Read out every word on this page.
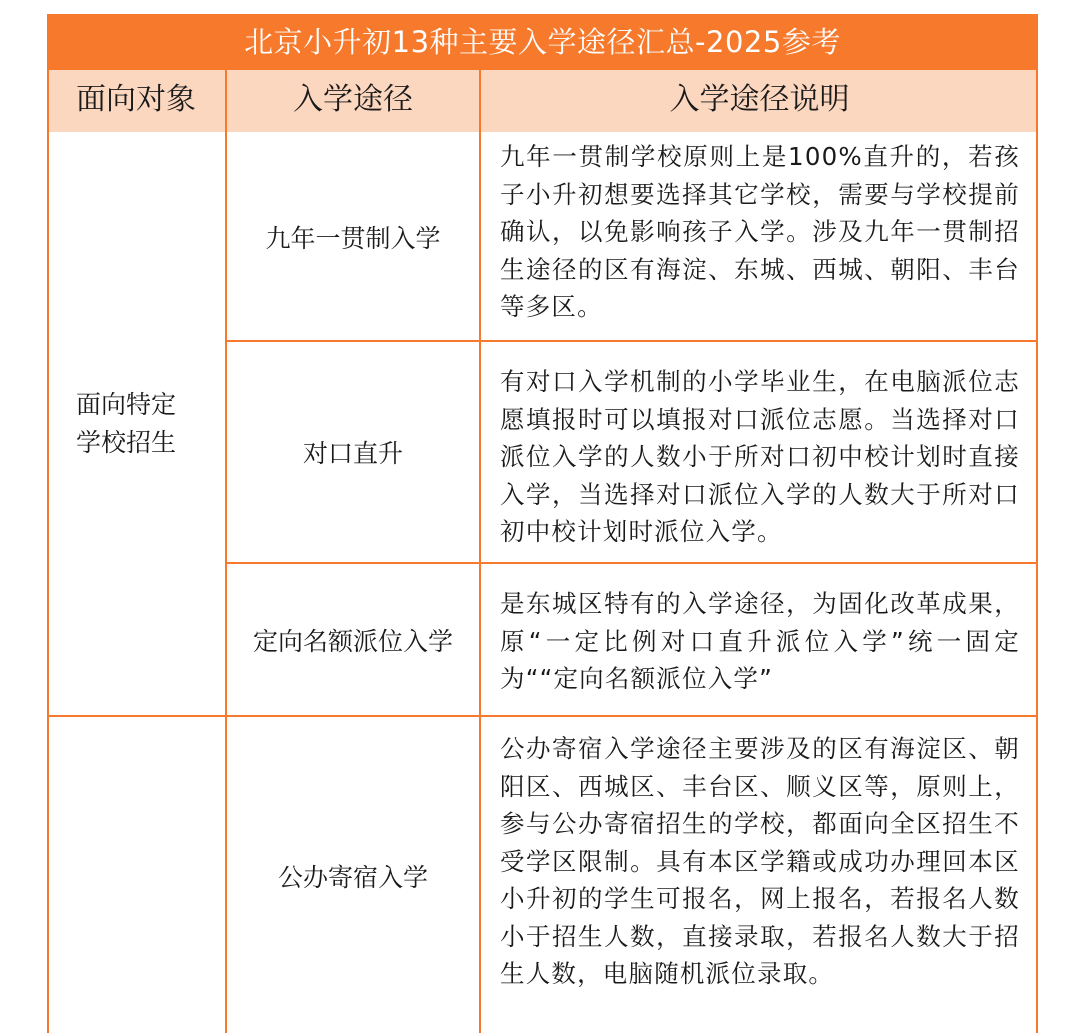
北京小升初13种主要入学途径汇总-2025参考
面向对象	入学途径	入学途径说明
面向特定
学校招生
九年一贯制入学
九年一贯制学校原则上是100%直升的，若孩子小升初想要选择其它学校，需要与学校提前确认，以免影响孩子入学。涉及九年一贯制招生途径的区有海淀、东城、西城、朝阳、丰台等多区。
对口直升
有对口入学机制的小学毕业生，在电脑派位志愿填报时可以填报对口派位志愿。当选择对口派位入学的人数小于所对口初中校计划时直接入学，当选择对口派位入学的人数大于所对口初中校计划时派位入学。
定向名额派位入学
是东城区特有的入学途径，为固化改革成果，原“一定比例对口直升派位入学”统一固定为““定向名额派位入学”
公办寄宿入学
公办寄宿入学途径主要涉及的区有海淀区、朝阳区、西城区、丰台区、顺义区等，原则上，参与公办寄宿招生的学校，都面向全区招生不受学区限制。具有本区学籍或成功办理回本区小升初的学生可报名，网上报名，若报名人数小于招生人数，直接录取，若报名人数大于招生人数，电脑随机派位录取。
